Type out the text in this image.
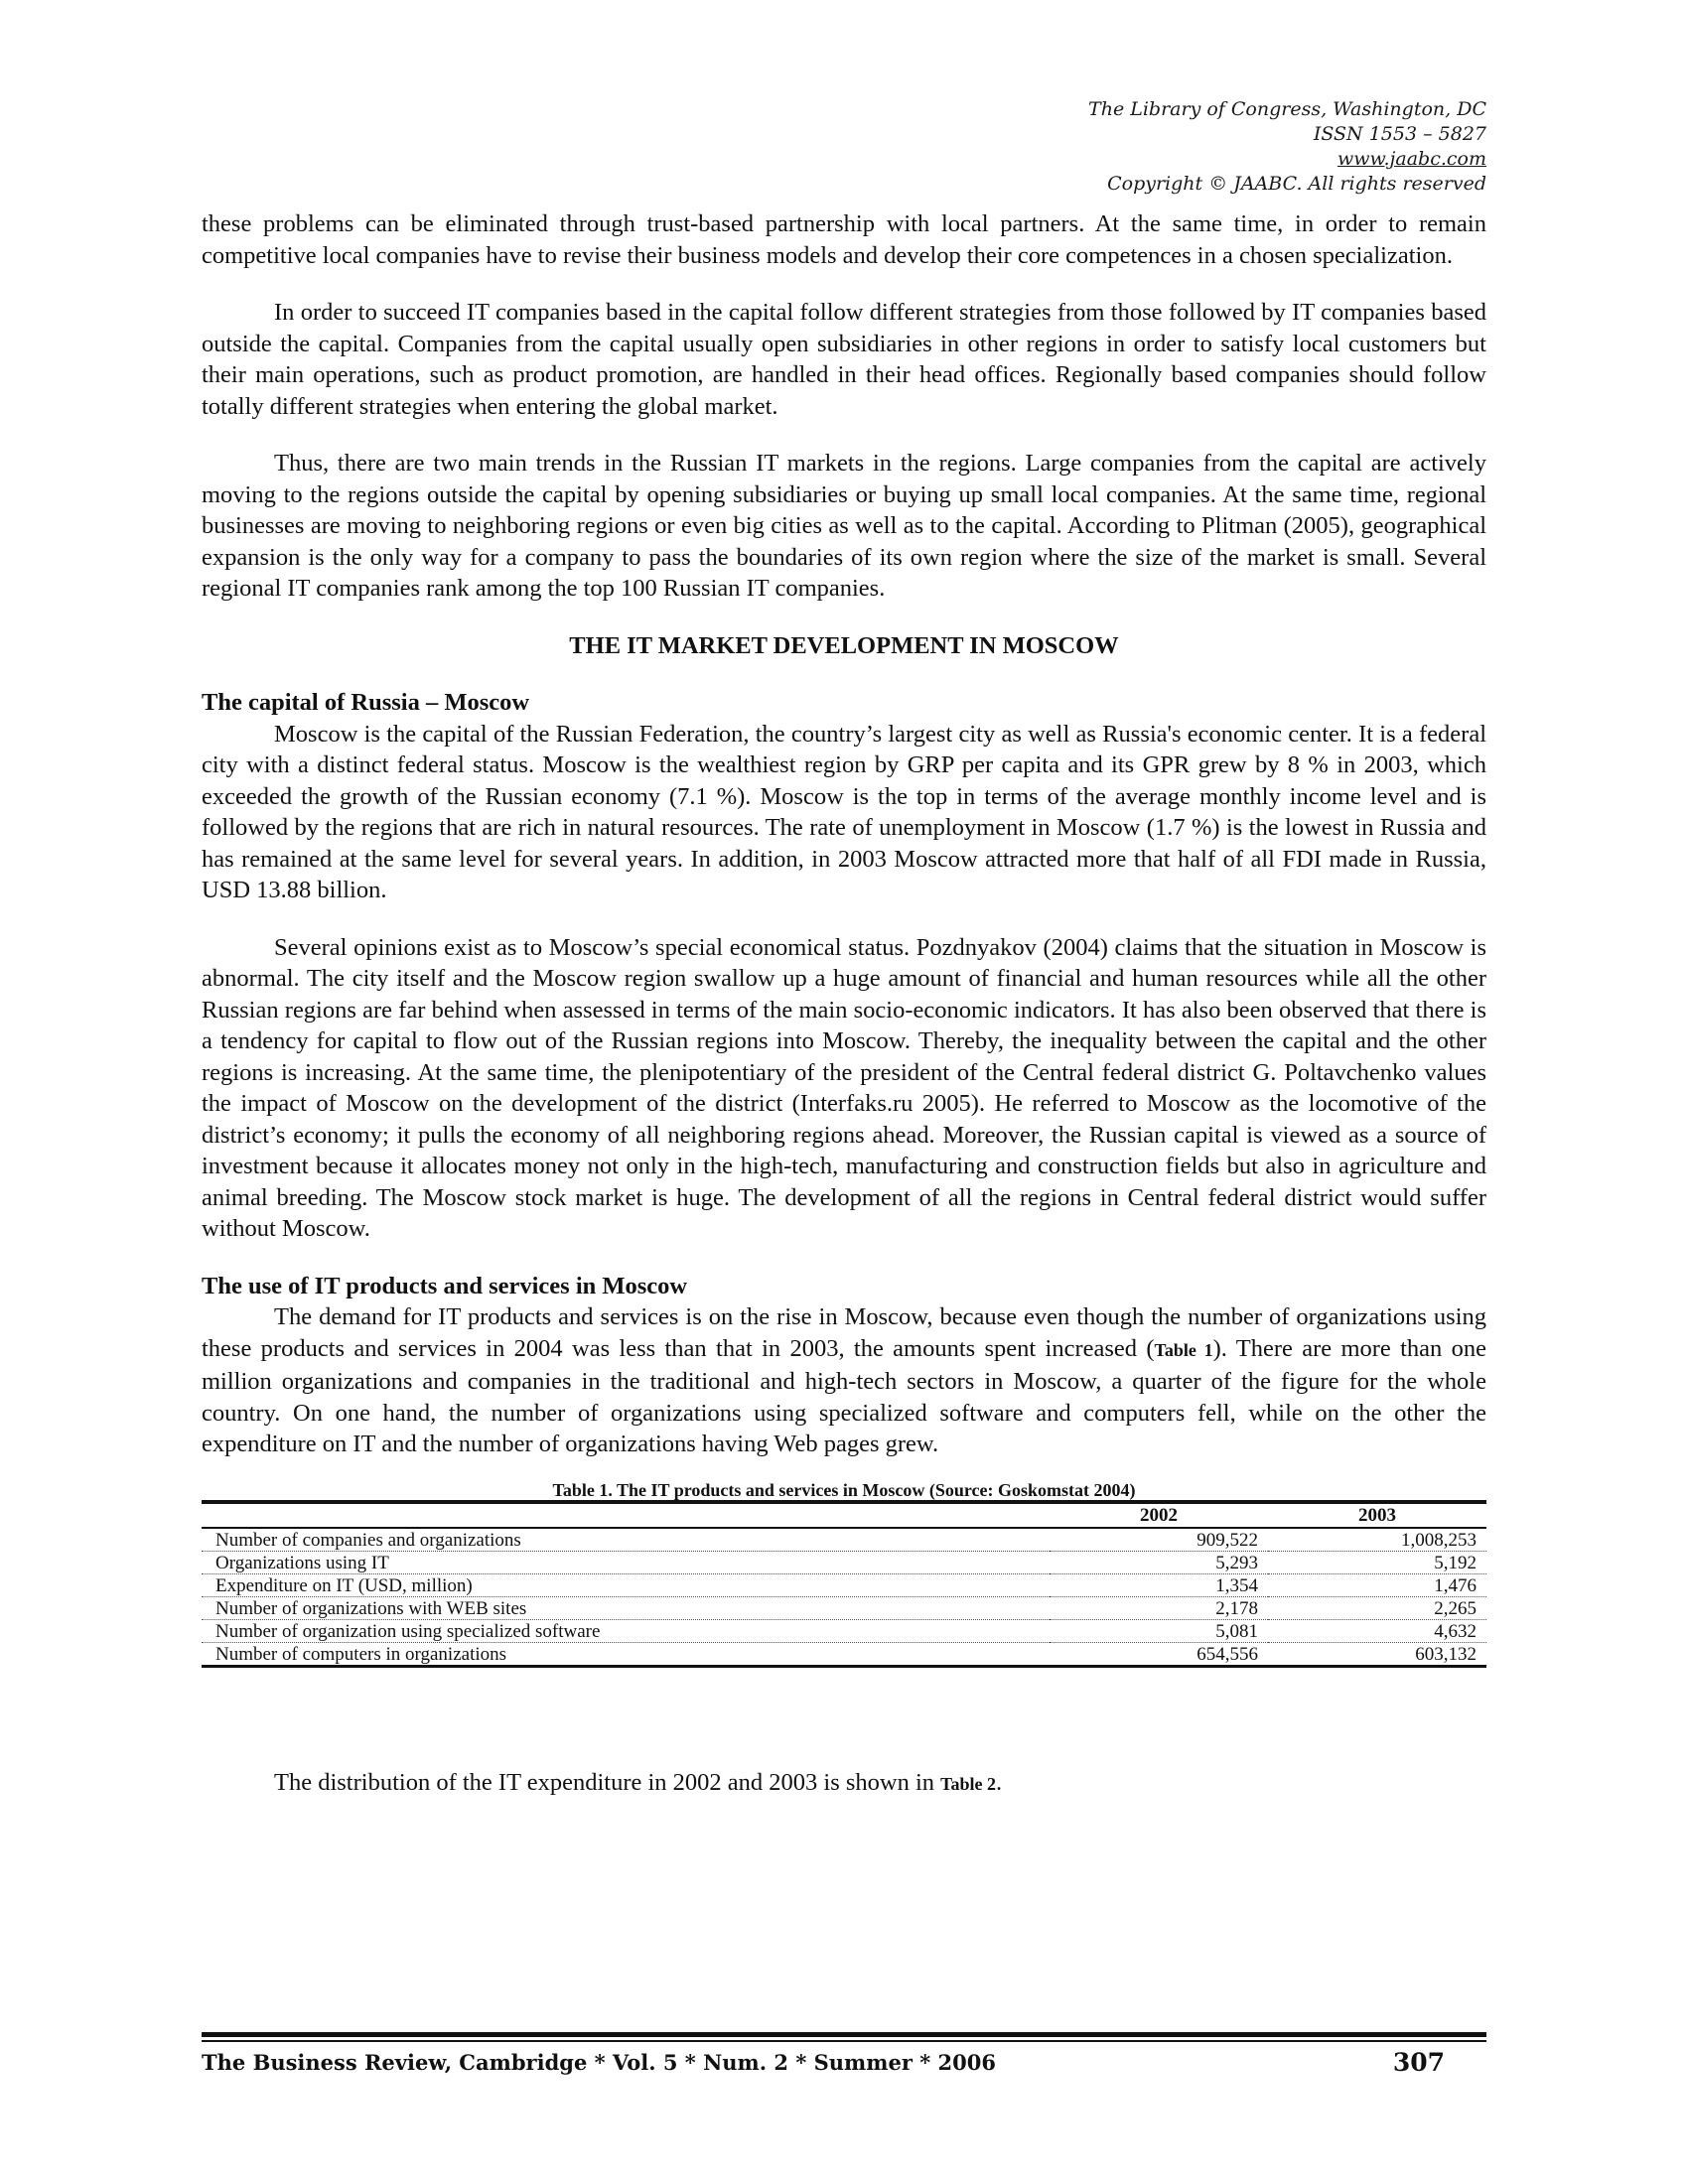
The Library of Congress, Washington, DC
ISSN 1553 – 5827
www.jaabc.com
Copyright © JAABC. All rights reserved

these problems can be eliminated through trust-based partnership with local partners. At the same time, in order to remain competitive local companies have to revise their business models and develop their core competences in a chosen specialization.

In order to succeed IT companies based in the capital follow different strategies from those followed by IT companies based outside the capital. Companies from the capital usually open subsidiaries in other regions in order to satisfy local customers but their main operations, such as product promotion, are handled in their head offices. Regionally based companies should follow totally different strategies when entering the global market.

Thus, there are two main trends in the Russian IT markets in the regions. Large companies from the capital are actively moving to the regions outside the capital by opening subsidiaries or buying up small local companies. At the same time, regional businesses are moving to neighboring regions or even big cities as well as to the capital. According to Plitman (2005), geographical expansion is the only way for a company to pass the boundaries of its own region where the size of the market is small. Several regional IT companies rank among the top 100 Russian IT companies.

THE IT MARKET DEVELOPMENT IN MOSCOW

The capital of Russia – Moscow

Moscow is the capital of the Russian Federation, the country’s largest city as well as Russia's economic center. It is a federal city with a distinct federal status. Moscow is the wealthiest region by GRP per capita and its GPR grew by 8 % in 2003, which exceeded the growth of the Russian economy (7.1 %). Moscow is the top in terms of the average monthly income level and is followed by the regions that are rich in natural resources. The rate of unemployment in Moscow (1.7 %) is the lowest in Russia and has remained at the same level for several years. In addition, in 2003 Moscow attracted more that half of all FDI made in Russia, USD 13.88 billion.

Several opinions exist as to Moscow’s special economical status. Pozdnyakov (2004) claims that the situation in Moscow is abnormal. The city itself and the Moscow region swallow up a huge amount of financial and human resources while all the other Russian regions are far behind when assessed in terms of the main socio-economic indicators. It has also been observed that there is a tendency for capital to flow out of the Russian regions into Moscow. Thereby, the inequality between the capital and the other regions is increasing. At the same time, the plenipotentiary of the president of the Central federal district G. Poltavchenko values the impact of Moscow on the development of the district (Interfaks.ru 2005). He referred to Moscow as the locomotive of the district’s economy; it pulls the economy of all neighboring regions ahead. Moreover, the Russian capital is viewed as a source of investment because it allocates money not only in the high-tech, manufacturing and construction fields but also in agriculture and animal breeding. The Moscow stock market is huge. The development of all the regions in Central federal district would suffer without Moscow.

The use of IT products and services in Moscow

The demand for IT products and services is on the rise in Moscow, because even though the number of organizations using these products and services in 2004 was less than that in 2003, the amounts spent increased (Table 1). There are more than one million organizations and companies in the traditional and high-tech sectors in Moscow, a quarter of the figure for the whole country. On one hand, the number of organizations using specialized software and computers fell, while on the other the expenditure on IT and the number of organizations having Web pages grew.

Table 1. The IT products and services in Moscow (Source: Goskomstat 2004)

	2002	2003
Number of companies and organizations	909,522	1,008,253
Organizations using IT	5,293	5,192
Expenditure on IT (USD, million)	1,354	1,476
Number of organizations with WEB sites	2,178	2,265
Number of organization using specialized software	5,081	4,632
Number of computers in organizations	654,556	603,132

The distribution of the IT expenditure in 2002 and 2003 is shown in Table 2.

The Business Review, Cambridge * Vol. 5 * Num. 2 * Summer * 2006	307
